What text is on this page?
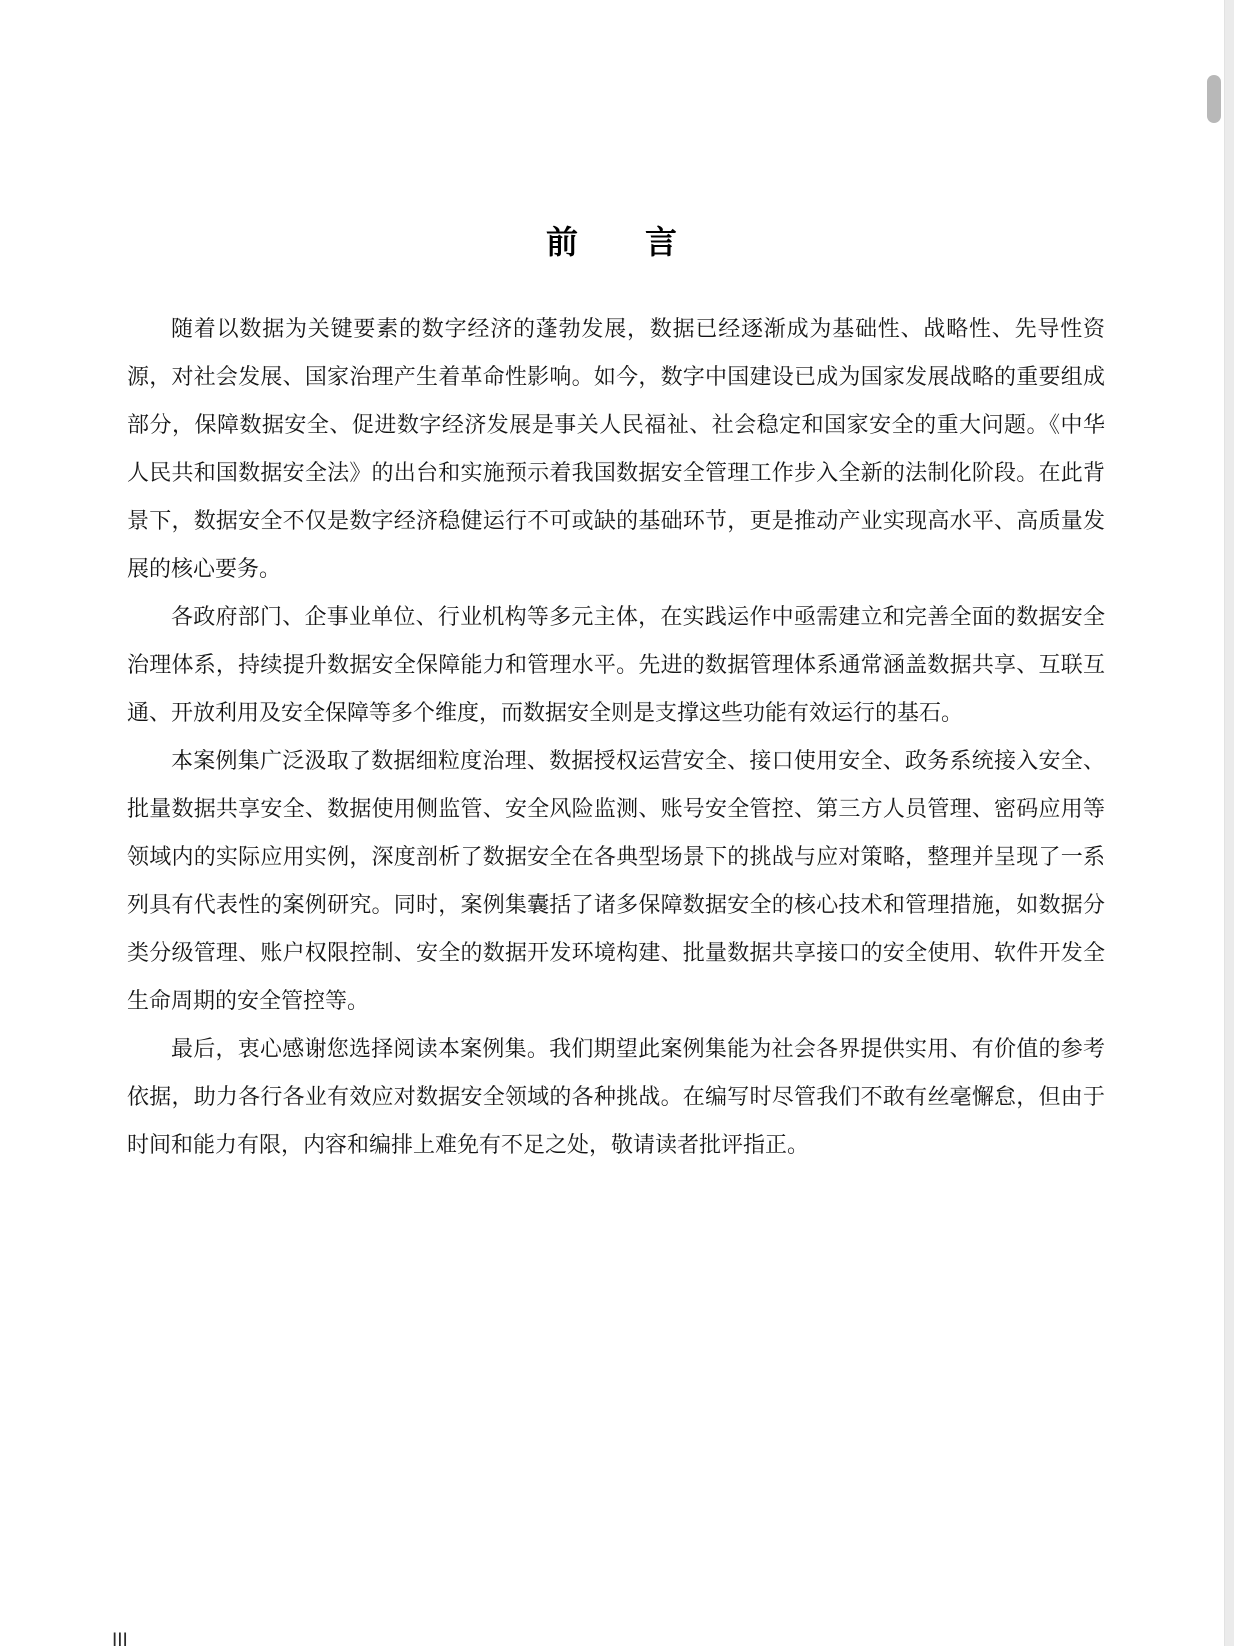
前　　言

随着以数据为关键要素的数字经济的蓬勃发展，数据已经逐渐成为基础性、战略性、先导性资源，对社会发展、国家治理产生着革命性影响。如今，数字中国建设已成为国家发展战略的重要组成部分，保障数据安全、促进数字经济发展是事关人民福祉、社会稳定和国家安全的重大问题。《中华人民共和国数据安全法》的出台和实施预示着我国数据安全管理工作步入全新的法制化阶段。在此背景下，数据安全不仅是数字经济稳健运行不可或缺的基础环节，更是推动产业实现高水平、高质量发展的核心要务。

各政府部门、企事业单位、行业机构等多元主体，在实践运作中亟需建立和完善全面的数据安全治理体系，持续提升数据安全保障能力和管理水平。先进的数据管理体系通常涵盖数据共享、互联互通、开放利用及安全保障等多个维度，而数据安全则是支撑这些功能有效运行的基石。

本案例集广泛汲取了数据细粒度治理、数据授权运营安全、接口使用安全、政务系统接入安全、批量数据共享安全、数据使用侧监管、安全风险监测、账号安全管控、第三方人员管理、密码应用等领域内的实际应用实例，深度剖析了数据安全在各典型场景下的挑战与应对策略，整理并呈现了一系列具有代表性的案例研究。同时，案例集囊括了诸多保障数据安全的核心技术和管理措施，如数据分类分级管理、账户权限控制、安全的数据开发环境构建、批量数据共享接口的安全使用、软件开发全生命周期的安全管控等。

最后，衷心感谢您选择阅读本案例集。我们期望此案例集能为社会各界提供实用、有价值的参考依据，助力各行各业有效应对数据安全领域的各种挑战。在编写时尽管我们不敢有丝毫懈怠，但由于时间和能力有限，内容和编排上难免有不足之处，敬请读者批评指正。

III
